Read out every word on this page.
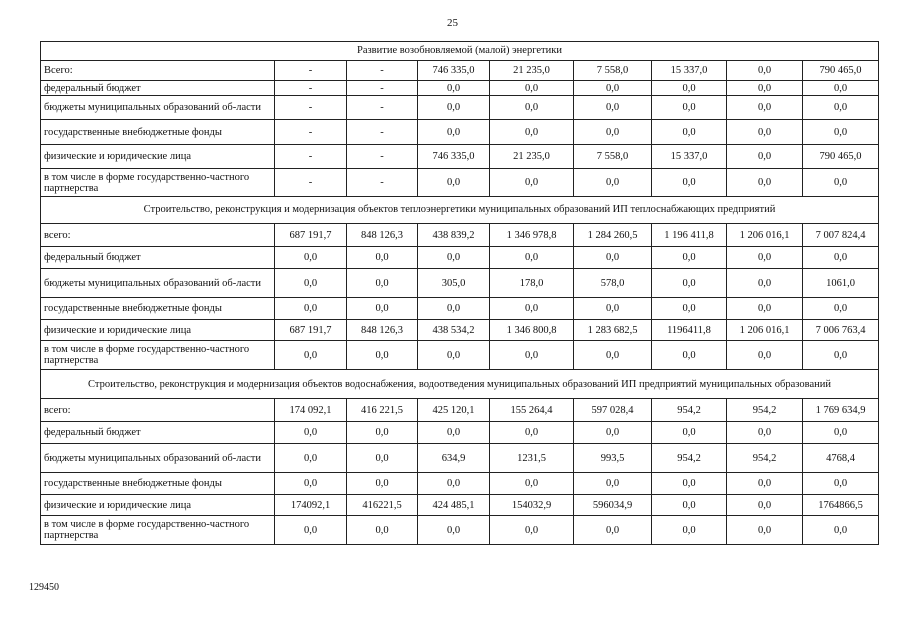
25
Развитие возобновляемой (малой) энергетики								
Всего:	-	-	746 335,0	21 235,0	7 558,0	15 337,0	0,0	790 465,0
федеральный бюджет	-	-	0,0	0,0	0,0	0,0	0,0	0,0
бюджеты муниципальных образований об-ласти	-	-	0,0	0,0	0,0	0,0	0,0	0,0
государственные внебюджетные фонды	-	-	0,0	0,0	0,0	0,0	0,0	0,0
физические и юридические лица	-	-	746 335,0	21 235,0	7 558,0	15 337,0	0,0	790 465,0
в том числе в форме государственно-частного партнерства	-	-	0,0	0,0	0,0	0,0	0,0	0,0
Строительство, реконструкция и модернизация объектов теплоэнергетики муниципальных образований ИП теплоснабжающих предприятий								
всего:	687 191,7	848 126,3	438 839,2	1 346 978,8	1 284 260,5	1 196 411,8	1 206 016,1	7 007 824,4
федеральный бюджет	0,0	0,0	0,0	0,0	0,0	0,0	0,0	0,0
бюджеты муниципальных образований об-ласти	0,0	0,0	305,0	178,0	578,0	0,0	0,0	1061,0
государственные внебюджетные фонды	0,0	0,0	0,0	0,0	0,0	0,0	0,0	0,0
физические и юридические лица	687 191,7	848 126,3	438 534,2	1 346 800,8	1 283 682,5	1196411,8	1 206 016,1	7 006 763,4
в том числе в форме государственно-частного партнерства	0,0	0,0	0,0	0,0	0,0	0,0	0,0	0,0
Строительство, реконструкция и модернизация объектов водоснабжения, водоотведения муниципальных образований ИП предприятий муниципальных образований								
всего:	174 092,1	416 221,5	425 120,1	155 264,4	597 028,4	954,2	954,2	1 769 634,9
федеральный бюджет	0,0	0,0	0,0	0,0	0,0	0,0	0,0	0,0
бюджеты муниципальных образований об-ласти	0,0	0,0	634,9	1231,5	993,5	954,2	954,2	4768,4
государственные внебюджетные фонды	0,0	0,0	0,0	0,0	0,0	0,0	0,0	0,0
физические и юридические лица	174092,1	416221,5	424 485,1	154032,9	596034,9	0,0	0,0	1764866,5
в том числе в форме государственно-частного партнерства	0,0	0,0	0,0	0,0	0,0	0,0	0,0	0,0
129450
